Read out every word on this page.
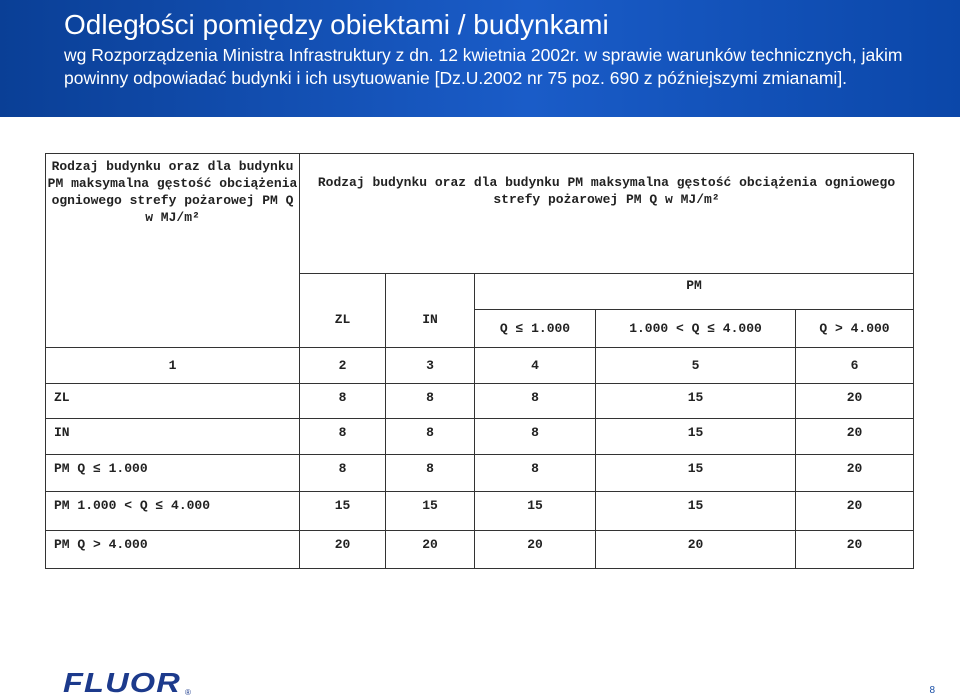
Odległości pomiędzy obiektami / budynkami
wg Rozporządzenia Ministra Infrastruktury z dn. 12 kwietnia 2002r. w sprawie warunków technicznych, jakim powinny odpowiadać budynki i ich usytuowanie [Dz.U.2002 nr 75 poz. 690 z późniejszymi zmianami].
Rodzaj budynku oraz dla budynku PM maksymalna gęstość obciążenia ogniowego strefy pożarowej PM Q w MJ/m²	Rodzaj budynku oraz dla budynku PM maksymalna gęstość obciążenia ogniowego strefy pożarowej PM Q w MJ/m²				
	ZL	IN	PM		
			Q ≤ 1.000	1.000 < Q ≤ 4.000	Q > 4.000
1	2	3	4	5	6
ZL	8	8	8	15	20
IN	8	8	8	15	20
PM Q ≤ 1.000	8	8	8	15	20
PM 1.000 < Q ≤ 4.000	15	15	15	15	20
PM Q > 4.000	20	20	20	20	20
FLUOR ®	8
